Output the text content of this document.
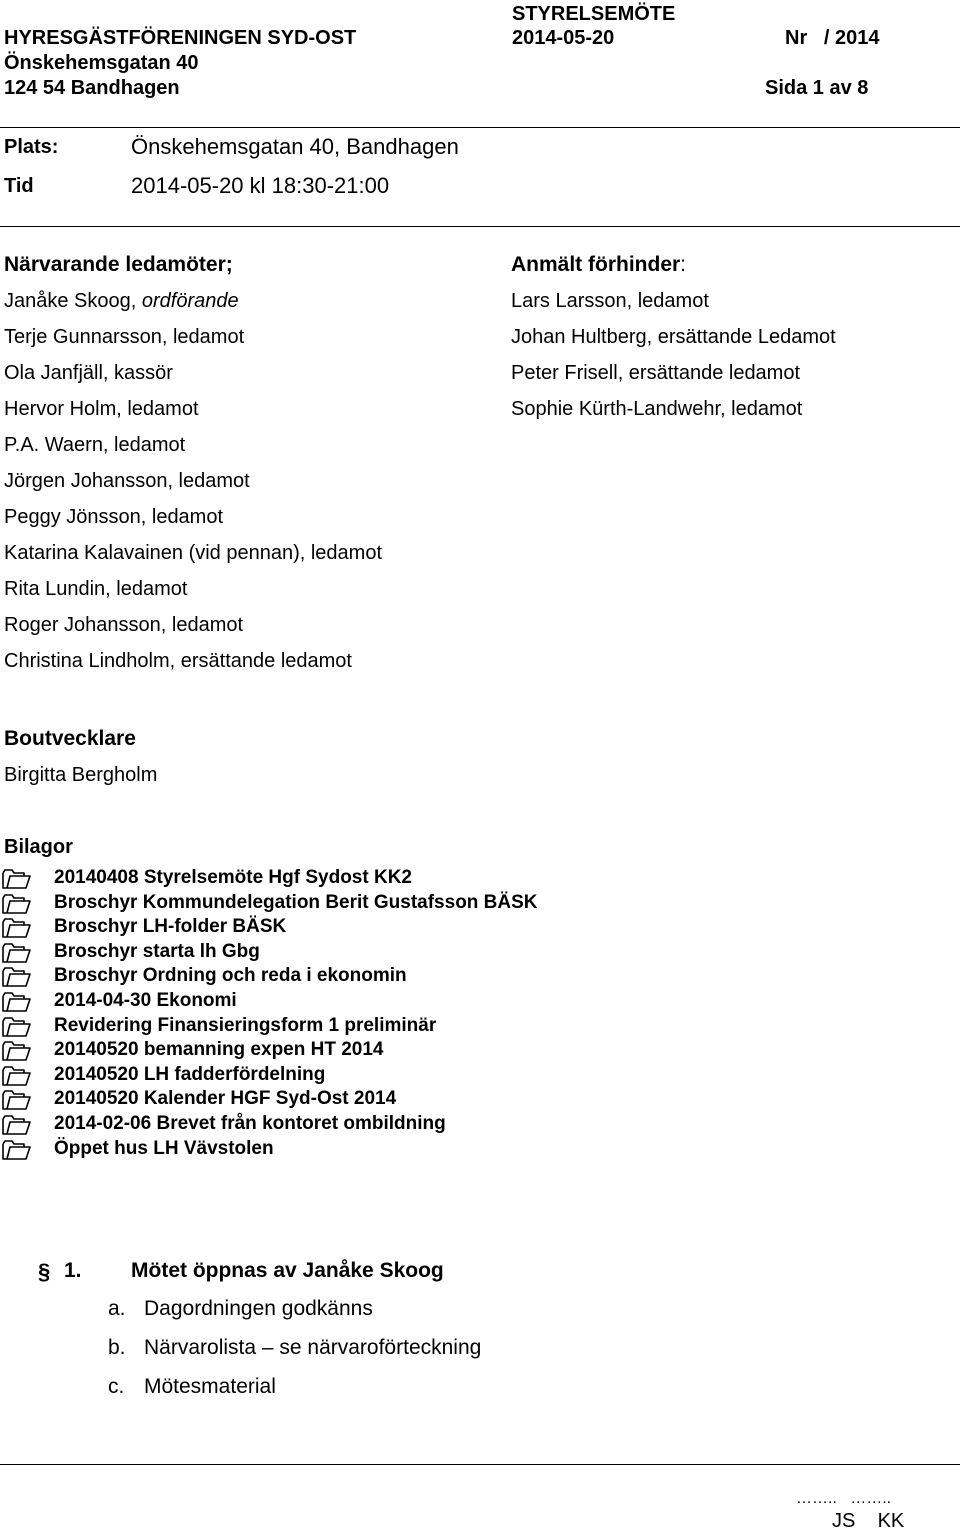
HYRESGÄSTFÖRENINGEN SYD-OST
Önskehemsgatan 40
124 54 Bandhagen
STYRELSEMÖTE
2014-05-20	Nr   / 2014
Sida 1 av 8
Plats:	Önskehemsgatan 40, Bandhagen
Tid	2014-05-20 kl 18:30-21:00
Närvarande ledamöter;
Janåke Skoog, ordförande
Terje Gunnarsson, ledamot
Ola Janfjäll, kassör
Hervor Holm, ledamot
P.A. Waern, ledamot
Jörgen Johansson, ledamot
Peggy Jönsson, ledamot
Katarina Kalavainen (vid pennan), ledamot
Rita Lundin, ledamot
Roger Johansson, ledamot
Christina Lindholm, ersättande ledamot
Anmält förhinder:
Lars Larsson, ledamot
Johan Hultberg, ersättande Ledamot
Peter Frisell, ersättande ledamot
Sophie Kürth-Landwehr, ledamot
Boutvecklare
Birgitta Bergholm
Bilagor
20140408 Styrelsemöte Hgf Sydost KK2
Broschyr Kommundelegation Berit Gustafsson BÄSK
Broschyr LH-folder BÄSK
Broschyr starta lh Gbg
Broschyr Ordning och reda i ekonomin
2014-04-30 Ekonomi
Revidering Finansieringsform 1 preliminär
20140520 bemanning expen HT 2014
20140520 LH fadderfördelning
20140520 Kalender HGF Syd-Ost 2014
2014-02-06 Brevet från kontoret ombildning
Öppet hus LH Vävstolen
§ 1. Mötet öppnas av Janåke Skoog
a. Dagordningen godkänns
b. Närvarolista – se närvaroförteckning
c. Mötesmaterial
……..   ……..
JS    KK
